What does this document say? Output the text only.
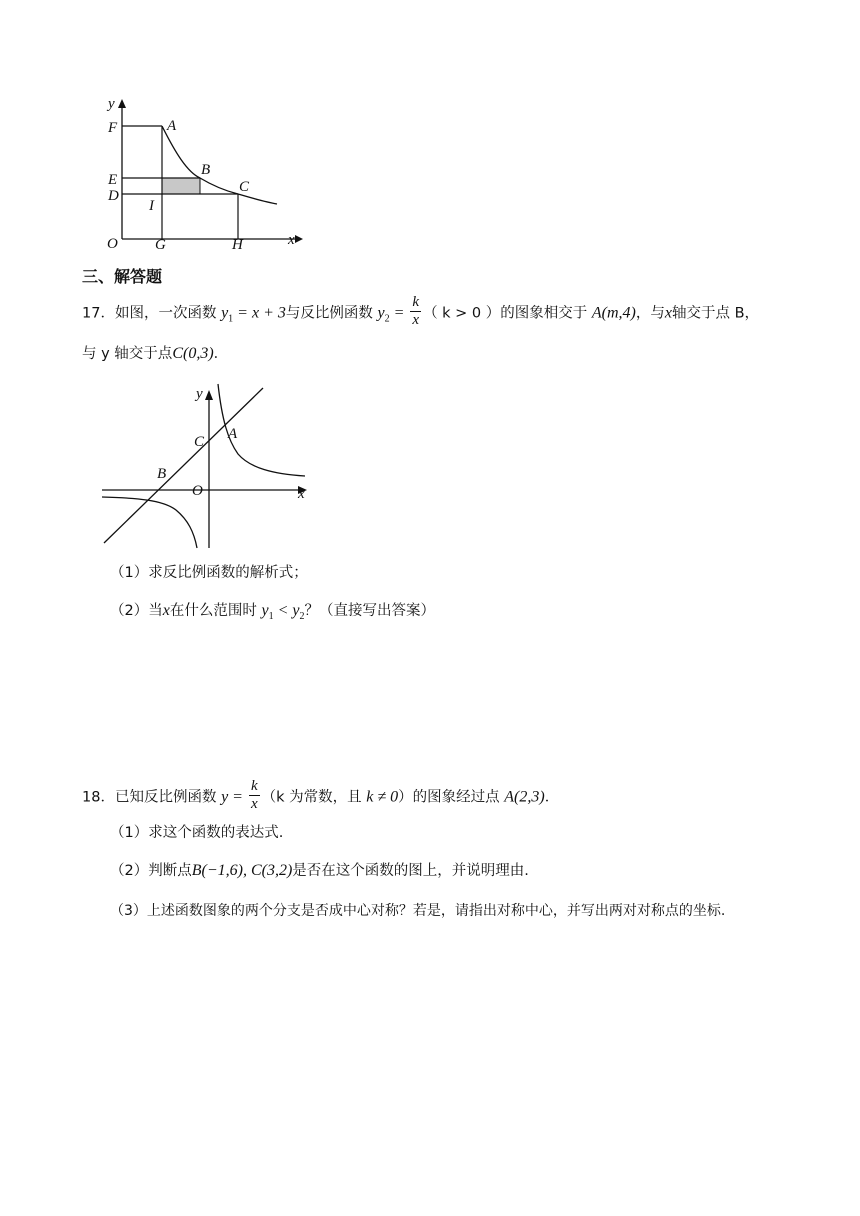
y
x
O
F
E
D
A
B
C
I
G	H
三、解答题
17．如图，一次函数 $y_1 = x + 3$与反比例函数 $y_2 = \frac{k}{x}$ （ k > 0 ）的图象相交于 A(m,4)，与x轴交于点 B，
与 y 轴交于点C(0,3)．
y
x
O
A
B
C
（1）求反比例函数的解析式；
（2）当x在什么范围时 $y_1 < y_2$？（直接写出答案）
18．已知反比例函数 $y = \frac{k}{x} (k$ 为常数，且 k ≠ 0）的图象经过点 A(2,3)．
（1）求这个函数的表达式.
（2）判断点B(−1,6), C(3,2)是否在这个函数的图上，并说明理由.
（3）上述函数图象的两个分支是否成中心对称？若是，请指出对称中心，并写出两对对称点的坐标.
